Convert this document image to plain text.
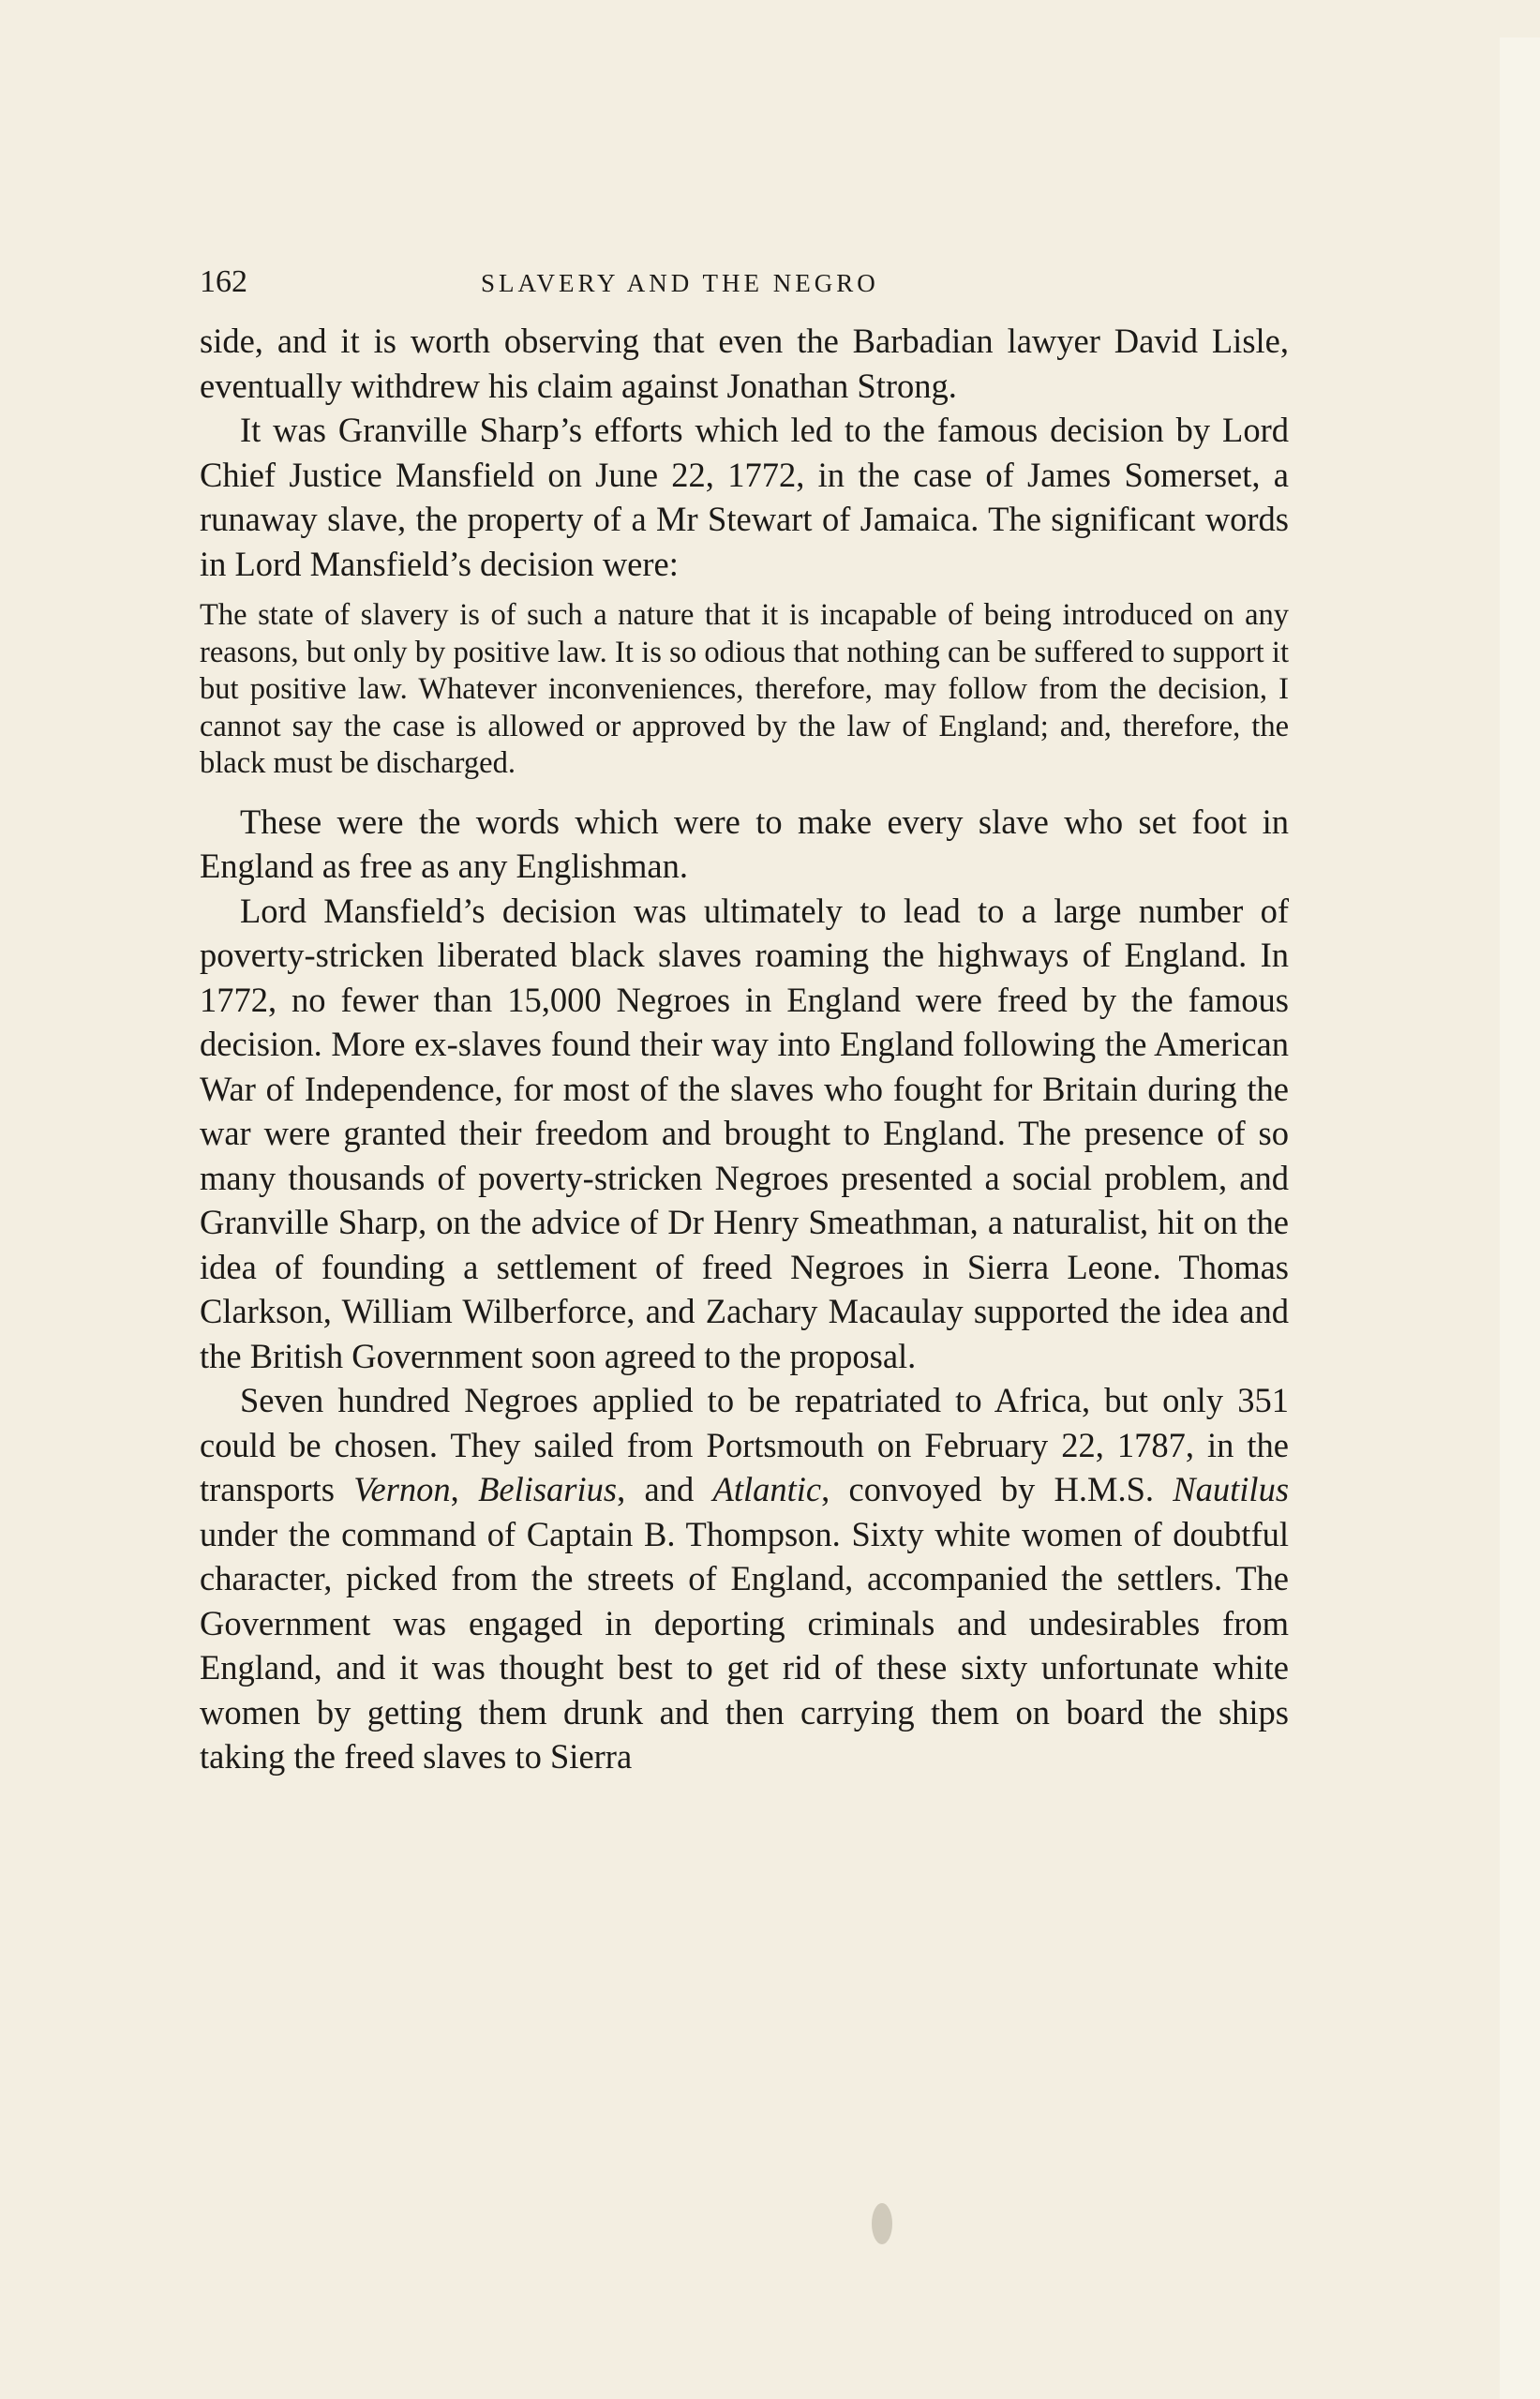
162	SLAVERY AND THE NEGRO

side, and it is worth observing that even the Barbadian lawyer David Lisle, eventually withdrew his claim against Jonathan Strong.

It was Granville Sharp’s efforts which led to the famous decision by Lord Chief Justice Mansfield on June 22, 1772, in the case of James Somerset, a runaway slave, the property of a Mr Stewart of Jamaica. The significant words in Lord Mansfield’s decision were:

The state of slavery is of such a nature that it is incapable of being introduced on any reasons, but only by positive law. It is so odious that nothing can be suffered to support it but positive law. Whatever inconveniences, therefore, may follow from the decision, I cannot say the case is allowed or approved by the law of England; and, therefore, the black must be discharged.

These were the words which were to make every slave who set foot in England as free as any Englishman.

Lord Mansfield’s decision was ultimately to lead to a large number of poverty-stricken liberated black slaves roaming the highways of England. In 1772, no fewer than 15,000 Negroes in England were freed by the famous decision. More ex-slaves found their way into England following the American War of Independence, for most of the slaves who fought for Britain during the war were granted their freedom and brought to England. The presence of so many thousands of poverty-stricken Negroes presented a social problem, and Granville Sharp, on the advice of Dr Henry Smeathman, a naturalist, hit on the idea of founding a settlement of freed Negroes in Sierra Leone. Thomas Clarkson, William Wilberforce, and Zachary Macaulay supported the idea and the British Government soon agreed to the proposal.

Seven hundred Negroes applied to be repatriated to Africa, but only 351 could be chosen. They sailed from Portsmouth on February 22, 1787, in the transports Vernon, Belisarius, and Atlantic, convoyed by H.M.S. Nautilus under the command of Captain B. Thompson. Sixty white women of doubtful character, picked from the streets of England, accompanied the settlers. The Government was engaged in deporting criminals and undesirables from England, and it was thought best to get rid of these sixty unfortunate white women by getting them drunk and then carrying them on board the ships taking the freed slaves to Sierra
